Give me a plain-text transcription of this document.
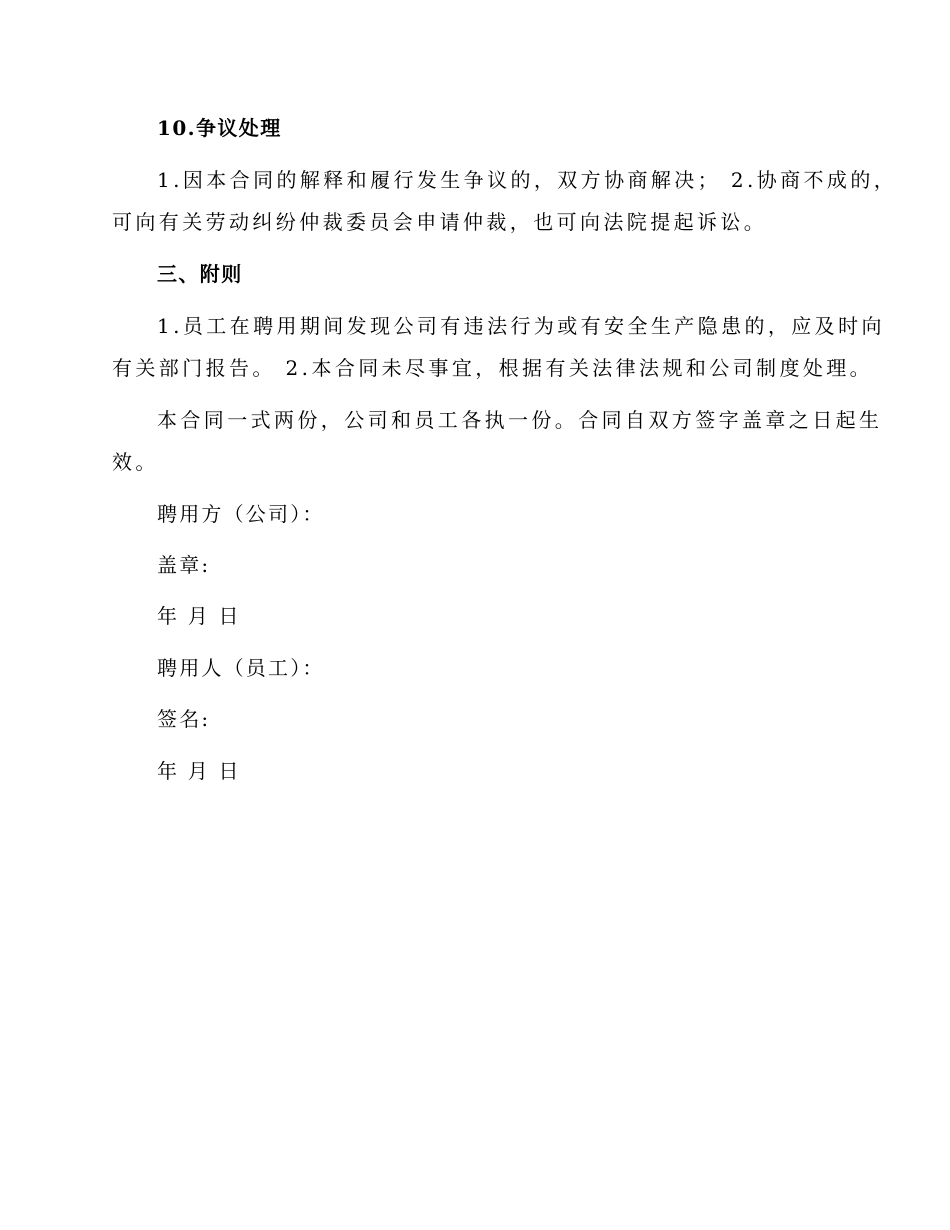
10.争议处理
1.因本合同的解释和履行发生争议的，双方协商解决； 2.协商不成的，
可向有关劳动纠纷仲裁委员会申请仲裁，也可向法院提起诉讼。
三、附则
1.员工在聘用期间发现公司有违法行为或有安全生产隐患的，应及时向
有关部门报告。 2.本合同未尽事宜，根据有关法律法规和公司制度处理。
本合同一式两份，公司和员工各执一份。合同自双方签字盖章之日起生
效。
聘用方（公司）：
盖章:
年 月 日
聘用人（员工）：
签名:
年 月 日
